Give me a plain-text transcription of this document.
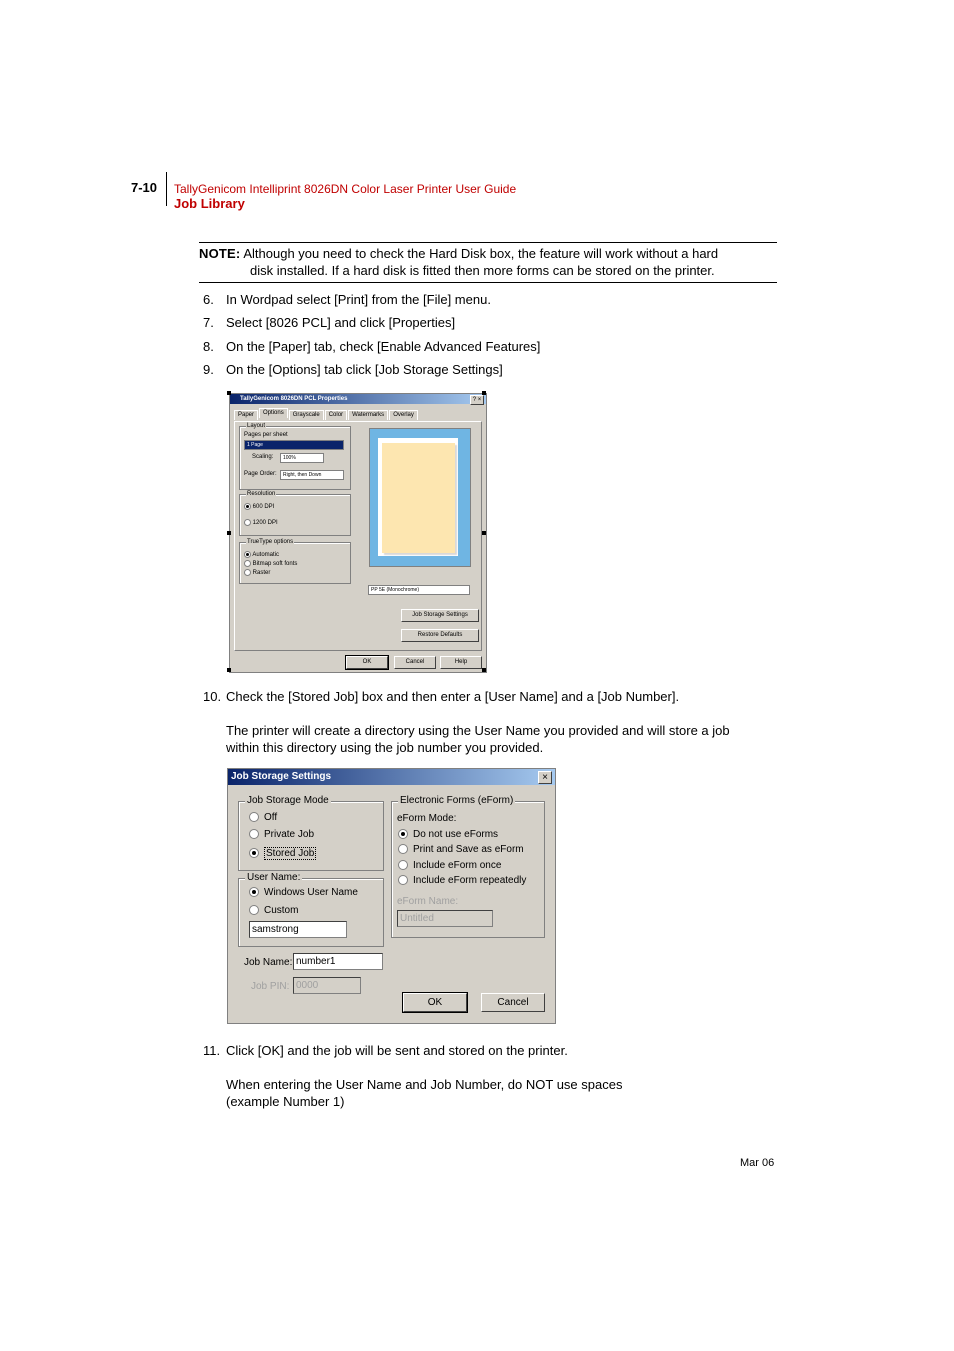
7-10 TallyGenicom Intelliprint 8026DN Color Laser Printer User Guide
Job Library
NOTE: Although you need to check the Hard Disk box, the feature will work without a hard
disk installed. If a hard disk is fitted then more forms can be stored on the printer.
6. In Wordpad select [Print] from the [File] menu.
7. Select [8026 PCL] and click [Properties]
8. On the [Paper] tab, check [Enable Advanced Features]
9. On the [Options] tab click [Job Storage Settings]
TallyGenicom 8026DN PCL Properties	? ×
Paper Options Grayscale Color Watermarks Overlay
Layout
Pages per sheet
1 Page
Scaling:	100%
Page Order:	Right, then Down
Resolution
600 DPI
1200 DPI
TrueType options
Automatic
Bitmap soft fonts
Raster
PP 5E (Monochrome)
Job Storage Settings
Restore Defaults
OK	Cancel	Help
10. Check the [Stored Job] box and then enter a [User Name] and a [Job Number].
The printer will create a directory using the User Name you provided and will store a job
within this directory using the job number you provided.
Job Storage Settings	×
Job Storage Mode
Off
Private Job
Stored Job
User Name:
Windows User Name
Custom
samstrong
Job Name: number1
Job PIN: 0000
Electronic Forms (eForm)
eForm Mode:
Do not use eForms
Print and Save as eForm
Include eForm once
Include eForm repeatedly
eForm Name:
Untitled
OK	Cancel
11. Click [OK] and the job will be sent and stored on the printer.
When entering the User Name and Job Number, do NOT use spaces
(example Number 1)
Mar 06
